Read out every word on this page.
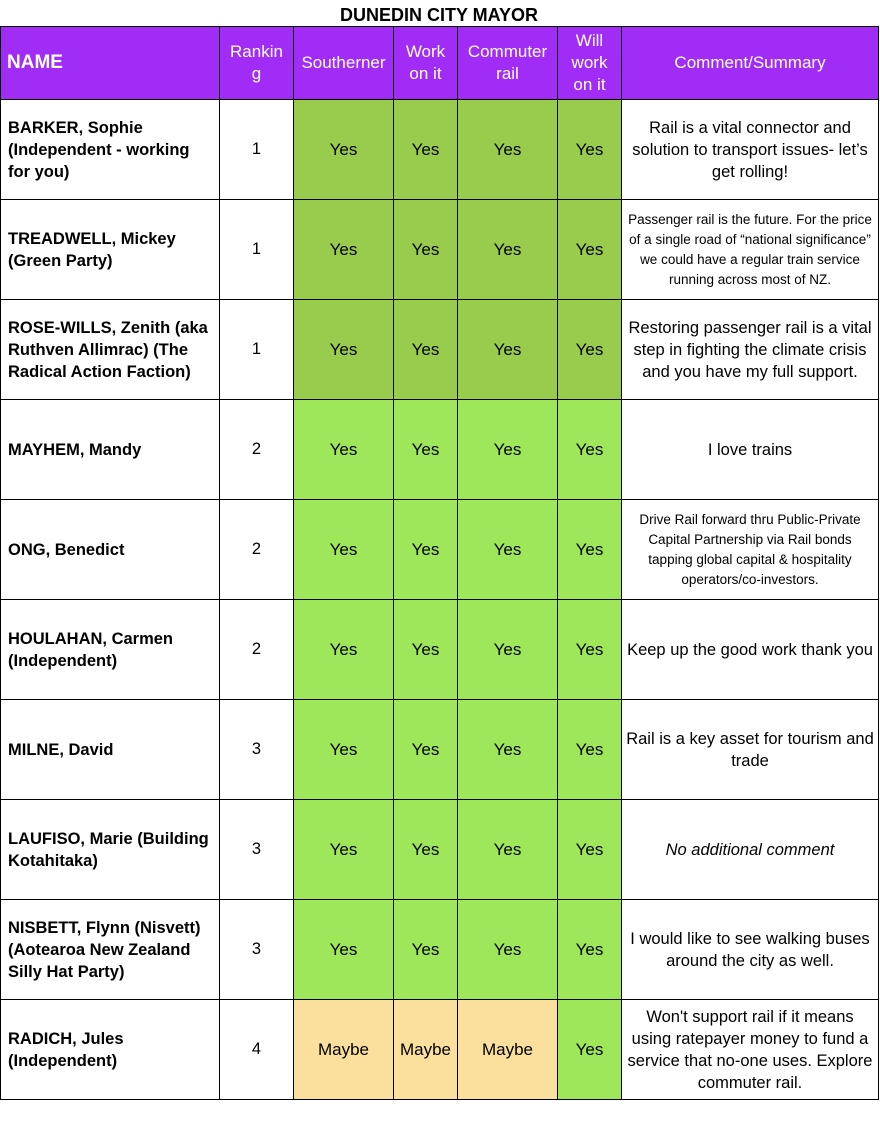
DUNEDIN CITY MAYOR
NAME	Rankin g	Southerner	Work on it	Commuter rail	Will work on it	Comment/Summary
BARKER, Sophie (Independent - working for you)	1	Yes	Yes	Yes	Yes	Rail is a vital connector and solution to transport issues- let’s get rolling!
TREADWELL, Mickey (Green Party)	1	Yes	Yes	Yes	Yes	Passenger rail is the future. For the price of a single road of “national significance” we could have a regular train service running across most of NZ.
ROSE-WILLS, Zenith (aka Ruthven Allimrac) (The Radical Action Faction)	1	Yes	Yes	Yes	Yes	Restoring passenger rail is a vital step in fighting the climate crisis and you have my full support.
MAYHEM, Mandy	2	Yes	Yes	Yes	Yes	I love trains
ONG, Benedict	2	Yes	Yes	Yes	Yes	Drive Rail forward thru Public-Private Capital Partnership via Rail bonds tapping global capital & hospitality operators/co-investors.
HOULAHAN, Carmen (Independent)	2	Yes	Yes	Yes	Yes	Keep up the good work thank you
MILNE, David	3	Yes	Yes	Yes	Yes	Rail is a key asset for tourism and trade
LAUFISO, Marie (Building Kotahitaka)	3	Yes	Yes	Yes	Yes	No additional comment
NISBETT, Flynn (Nisvett) (Aotearoa New Zealand Silly Hat Party)	3	Yes	Yes	Yes	Yes	I would like to see walking buses around the city as well.
RADICH, Jules (Independent)	4	Maybe	Maybe	Maybe	Yes	Won't support rail if it means using ratepayer money to fund a service that no-one uses. Explore commuter rail.
